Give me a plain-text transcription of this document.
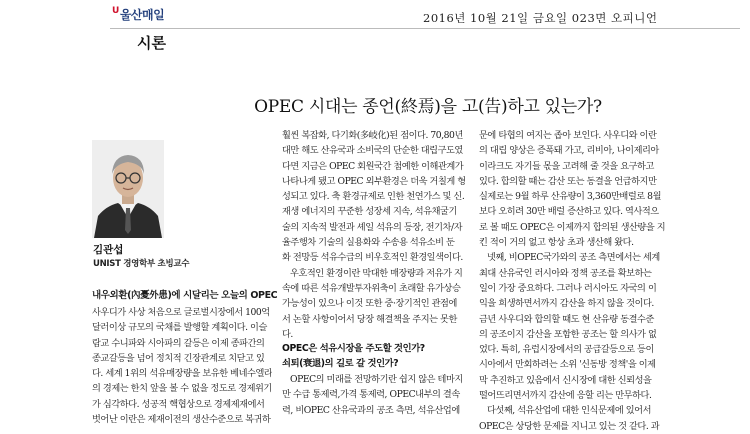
$^U$울산매일	2016년 10월 21일 금요일 023면 오피니언
시론
OPEC 시대는 종언(終焉)을 고(告)하고 있는가?
김관섭
UNIST 경영학부 초빙교수
내우외환(內憂外患)에 시달리는 오늘의 OPEC

사우디가 사상 처음으로 글로벌시장에서 100억

달러이상 규모의 국채를 발행할 계획이다. 이슬

람교 수니파와 시아파의 갈등은 이제 종파간의

종교갈등을 넘어 정치적 긴장관계로 치닫고 있

다. 세계 1위의 석유매장량을 보유한 베네수엘라

의 경제는 한치 앞을 볼 수 없을 정도로 경제위기

가 심각하다. 성공적 핵협상으로 경제제재에서

벗어난 이란은 제재이전의 생산수준으로 복귀하

훨씬 복잡화, 다기화(多岐化)된 점이다. 70,80년

대만 해도 산유국과 소비국의 단순한 대립구도였

다면 지금은 OPEC 회원국간 첨예한 이해관계가

나타나게 됐고 OPEC 외부환경은 더욱 거칠게 형

성되고 있다. 축 환경규제로 인한 천연가스 및 신.

재생 에너지의 꾸준한 성장세 지속, 석유채굴기

술의 지속적 발전과 셰일 석유의 등장, 전기차/자

율주행차 기술의 실용화와 수송용 석유소비 둔

화 전망등 석유수급의 비우호적인 환경일색이다.

우호적인 환경이란 막대한 매장량과 저유가 지

속에 따른 석유개발투자위축이 초래할 유가상승

가능성이 있으나 이것 또한 중·장기적인 관점에

서 논할 사항이어서 당장 해결책을 주지는 못한

다.

OPEC은 석유시장을 주도할 것인가?
쇠퇴(衰退)의 길로 갈 것인가?

OPEC의 미래를 전망하기란 쉽지 않은 테마지

만 수급 통제력,가격 통제력, OPEC내부의 결속

력, 비OPEC 산유국과의 공조 측면, 석유산업에

문에 타협의 여지는 좁아 보인다. 사우디와 이란

의 대립 양상은 증폭돼 가고, 리비아, 나이제리아

이라크도 자기들 몫을 고려해 줄 것을 요구하고

있다. 합의할 때는 감산 또는 동결을 언급하지만

실제로는 9월 하루 산유량이 3,360만배럴로 8월

보다 오히려 30만 배럴 증산하고 있다. 역사적으

로 볼 때도 OPEC은 이제까지 합의된 생산량을 지

킨 적이 거의 없고 항상 초과 생산해 왔다.

넷째, 비OPEC국가와의 공조 측면에서는 세계

최대 산유국인 러시아와 정책 공조를 확보하는

일이 가장 중요하다. 그러나 러시아도 자국의 이

익을 희생하면서까지 감산을 하지 않을 것이다.

금년 사우디와 합의할 때도 현 산유량 동결수준

의 공조이지 감산을 포함한 공조는 할 의사가 없

었다. 특히, 유럽시장에서의 공급갈등으로 등이

시아에서 만회하려는 소위 '신동방 정책'을 이제

막 추진하고 있음에서 신시장에 대한 신뢰성을

떨어뜨리면서까지 감산에 응할 리는 만무하다.

다섯째, 석유산업에 대한 인식문제에 있어서

OPEC은 상당한 문제를 지니고 있는 것 같다. 과
